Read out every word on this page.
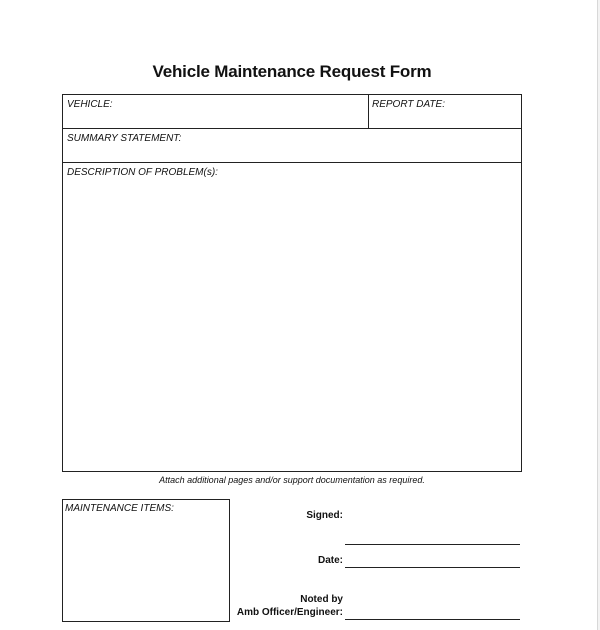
Vehicle Maintenance Request Form
VEHICLE:	REPORT DATE:
SUMMARY STATEMENT:
DESCRIPTION OF PROBLEM(s):
Attach additional pages and/or support documentation as required.
MAINTENANCE ITEMS:
Signed:
Date:
Noted by
Amb Officer/Engineer:
